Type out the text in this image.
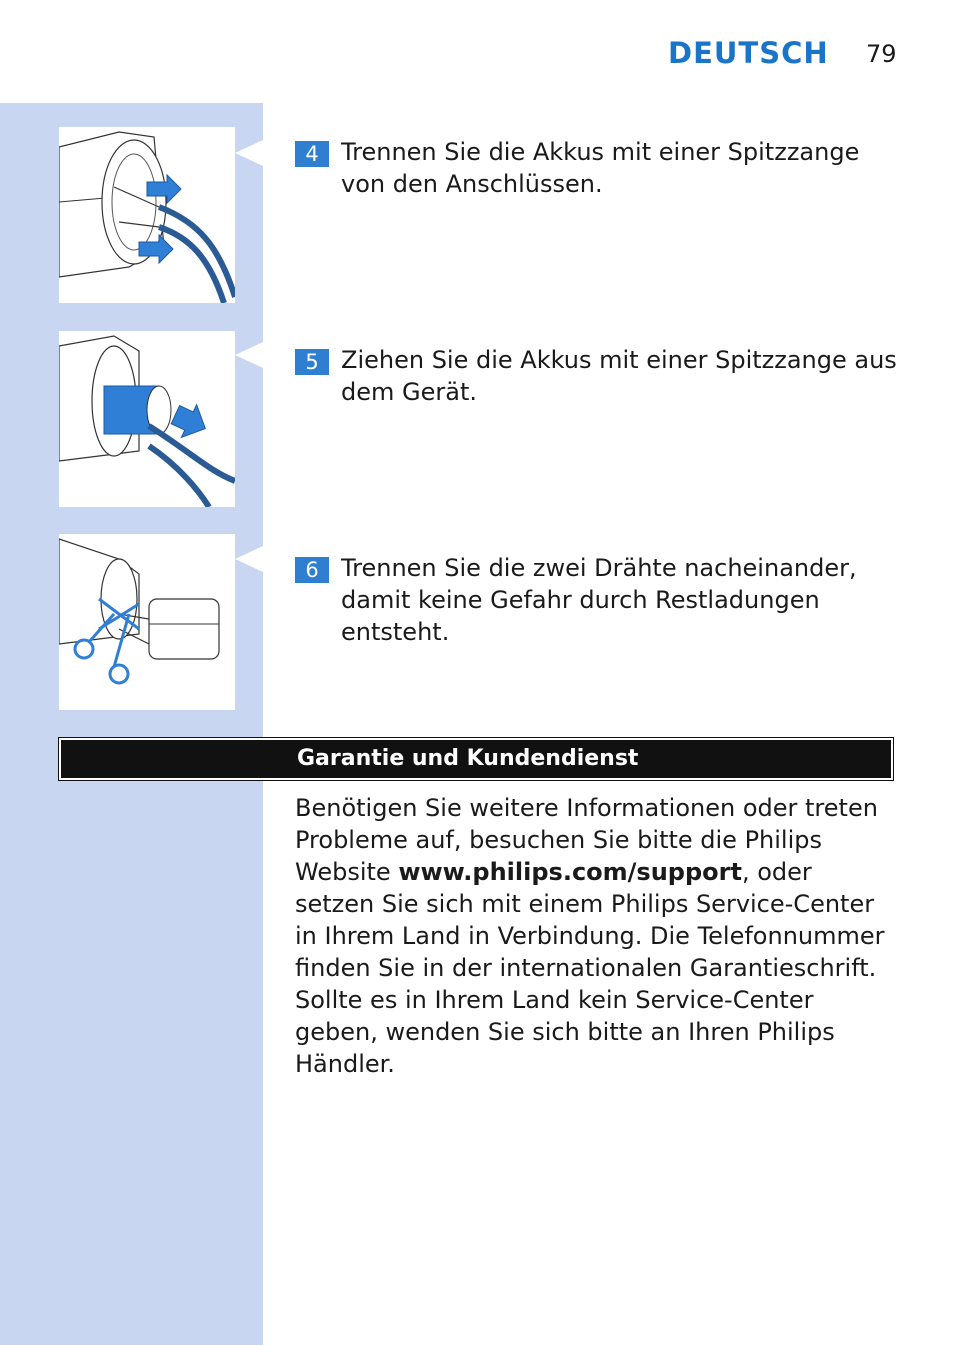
DEUTSCH 79
4 Trennen Sie die Akkus mit einer Spitzzange von den Anschlüssen.
5 Ziehen Sie die Akkus mit einer Spitzzange aus dem Gerät.
6 Trennen Sie die zwei Drähte nacheinander, damit keine Gefahr durch Restladungen entsteht.
Garantie und Kundendienst
Benötigen Sie weitere Informationen oder treten Probleme auf, besuchen Sie bitte die Philips Website www.philips.com/support, oder setzen Sie sich mit einem Philips Service-Center in Ihrem Land in Verbindung. Die Telefonnummer finden Sie in der internationalen Garantieschrift. Sollte es in Ihrem Land kein Service-Center geben, wenden Sie sich bitte an Ihren Philips Händler.
